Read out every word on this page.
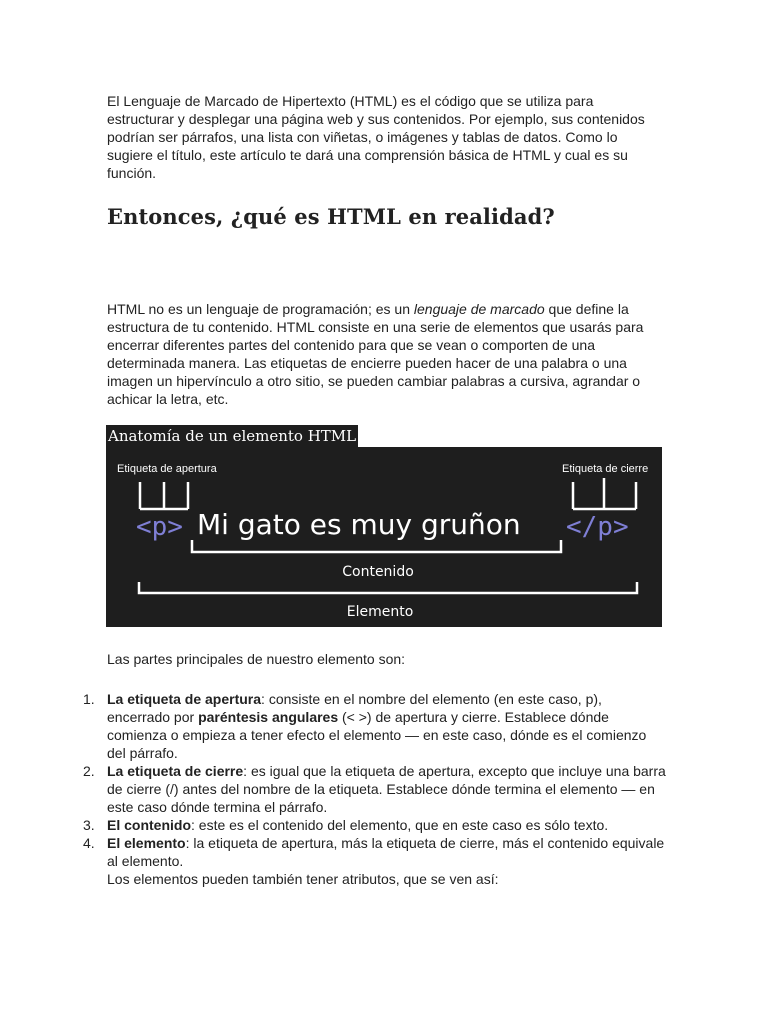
El Lenguaje de Marcado de Hipertexto (HTML) es el código que se utiliza para estructurar y desplegar una página web y sus contenidos. Por ejemplo, sus contenidos podrían ser párrafos, una lista con viñetas, o imágenes y tablas de datos. Como lo sugiere el título, este artículo te dará una comprensión básica de HTML y cual es su función.

Entonces, ¿qué es HTML en realidad?

HTML no es un lenguaje de programación; es un lenguaje de marcado que define la estructura de tu contenido. HTML consiste en una serie de elementos que usarás para encerrar diferentes partes del contenido para que se vean o comporten de una determinada manera. Las etiquetas de encierre pueden hacer de una palabra o una imagen un hipervínculo a otro sitio, se pueden cambiar palabras a cursiva, agrandar o achicar la letra, etc.

Anatomía de un elemento HTML
Etiqueta de apertura	Etiqueta de cierre
<p> Mi gato es muy gruñon </p>
Contenido
Elemento

Las partes principales de nuestro elemento son:

1. La etiqueta de apertura: consiste en el nombre del elemento (en este caso, p), encerrado por paréntesis angulares (< >) de apertura y cierre. Establece dónde comienza o empieza a tener efecto el elemento — en este caso, dónde es el comienzo del párrafo.
2. La etiqueta de cierre: es igual que la etiqueta de apertura, excepto que incluye una barra de cierre (/) antes del nombre de la etiqueta. Establece dónde termina el elemento — en este caso dónde termina el párrafo.
3. El contenido: este es el contenido del elemento, que en este caso es sólo texto.
4. El elemento: la etiqueta de apertura, más la etiqueta de cierre, más el contenido equivale al elemento.
Los elementos pueden también tener atributos, que se ven así:
